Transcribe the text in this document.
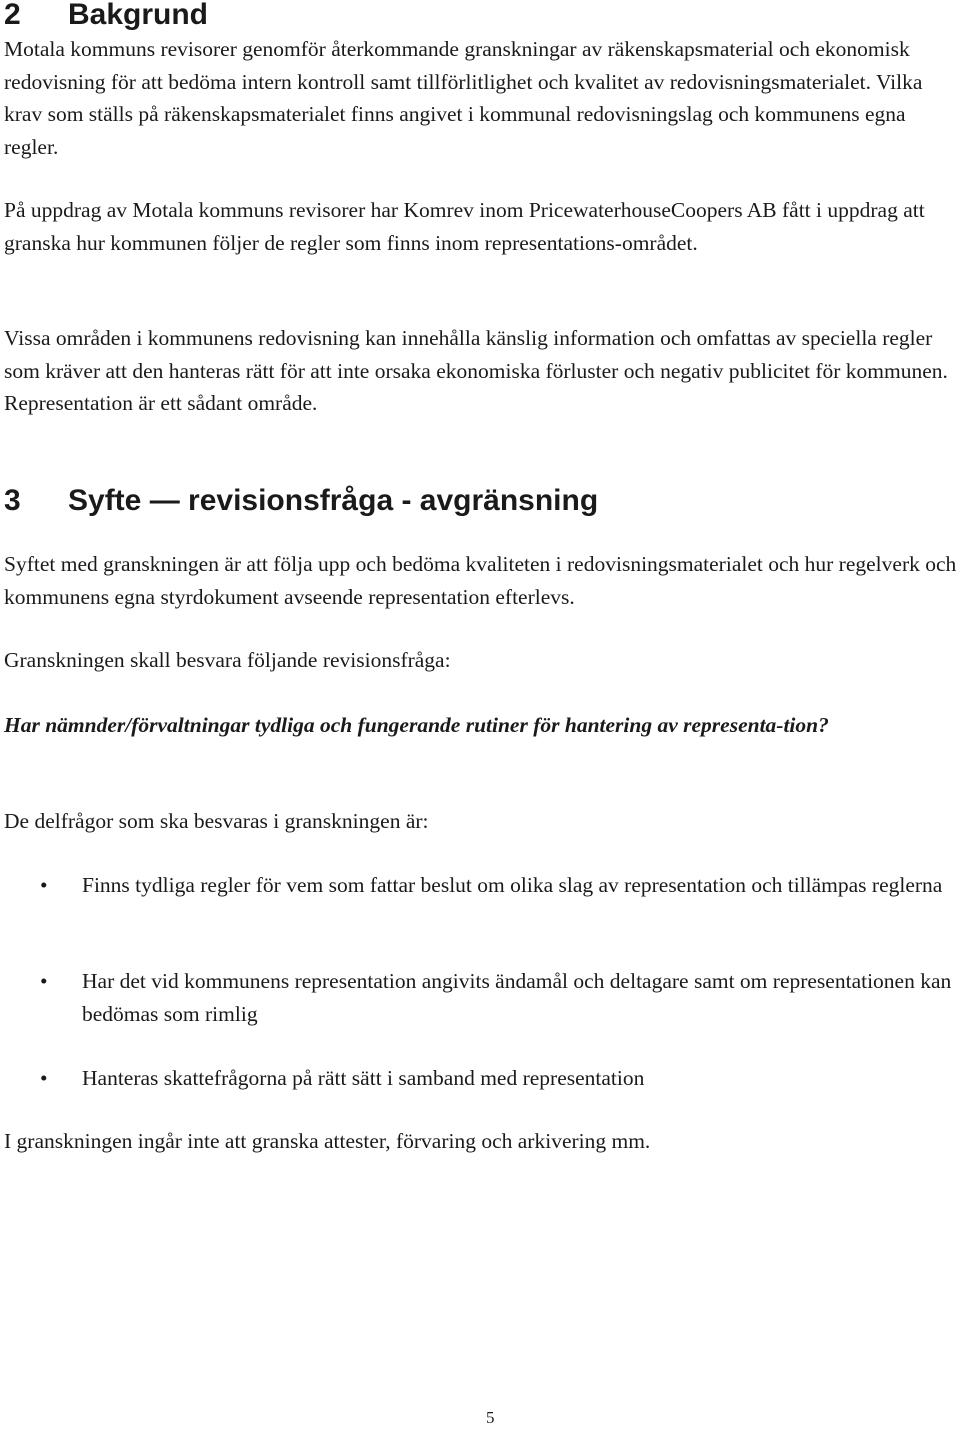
2 Bakgrund

Motala kommuns revisorer genomför återkommande granskningar av räkenskapsmaterial och ekonomisk redovisning för att bedöma intern kontroll samt tillförlitlighet och kvalitet av redovisningsmaterialet. Vilka krav som ställs på räkenskapsmaterialet finns angivet i kommunal redovisningslag och kommunens egna regler.

På uppdrag av Motala kommuns revisorer har Komrev inom PricewaterhouseCoopers AB fått i uppdrag att granska hur kommunen följer de regler som finns inom representations-området.

Vissa områden i kommunens redovisning kan innehålla känslig information och omfattas av speciella regler som kräver att den hanteras rätt för att inte orsaka ekonomiska förluster och negativ publicitet för kommunen. Representation är ett sådant område.

3 Syfte — revisionsfråga - avgränsning

Syftet med granskningen är att följa upp och bedöma kvaliteten i redovisningsmaterialet och hur regelverk och kommunens egna styrdokument avseende representation efterlevs.

Granskningen skall besvara följande revisionsfråga:

Har nämnder/förvaltningar tydliga och fungerande rutiner för hantering av representa-tion?

De delfrågor som ska besvaras i granskningen är:

•	Finns tydliga regler för vem som fattar beslut om olika slag av representation och tillämpas reglerna
•	Har det vid kommunens representation angivits ändamål och deltagare samt om representationen kan bedömas som rimlig
•	Hanteras skattefrågorna på rätt sätt i samband med representation

I granskningen ingår inte att granska attester, förvaring och arkivering mm.

5
